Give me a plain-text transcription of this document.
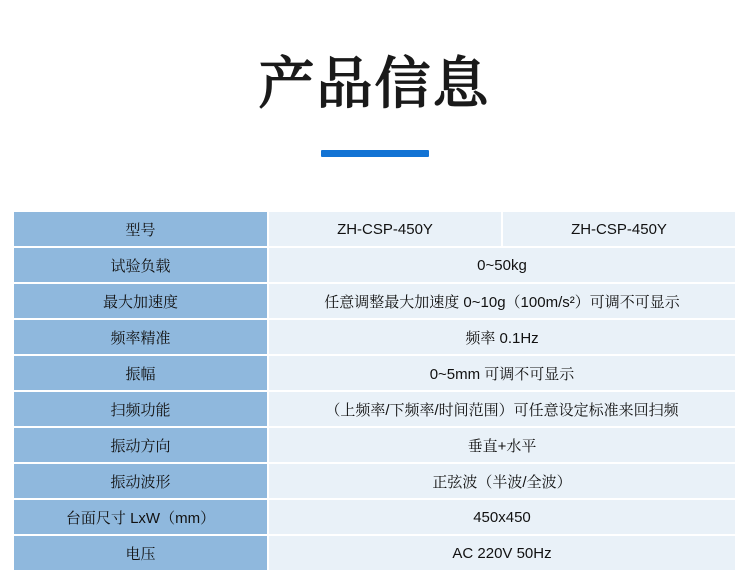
产品信息
型号	ZH-CSP-450Y	ZH-CSP-450Y
试验负载	0~50kg	
最大加速度	任意调整最大加速度 0~10g（100m/s²）可调不可显示	
频率精准	频率 0.1Hz	
振幅	0~5mm 可调不可显示	
扫频功能	（上频率/下频率/时间范围）可任意设定标准来回扫频	
振动方向	垂直+水平	
振动波形	正弦波（半波/全波）	
台面尺寸 LxW（mm）	450x450	
电压	AC 220V 50Hz	
